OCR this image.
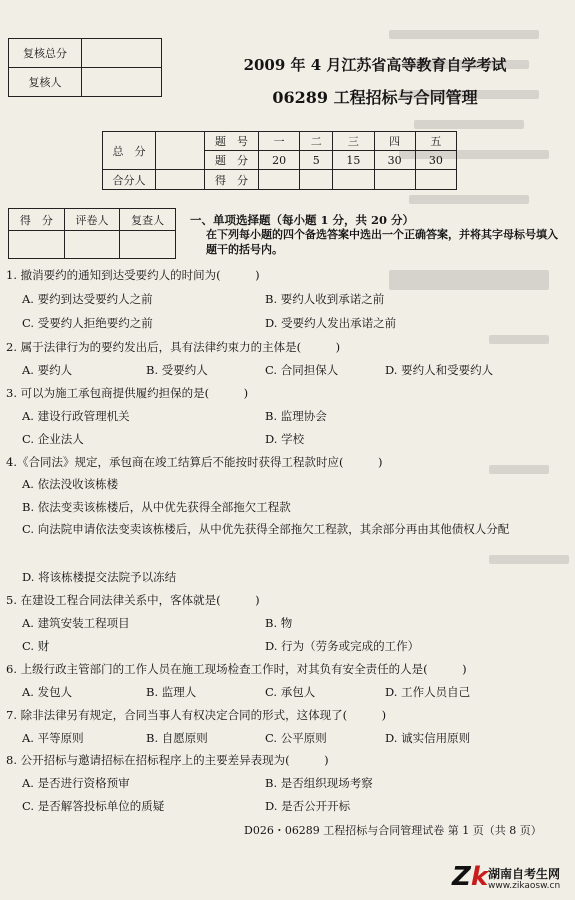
复核总分	
复核人	
2009 年 4 月江苏省高等教育自学考试
06289 工程招标与合同管理
总　分		题　号	一	二	三	四	五
		题　分	20	5	15	30	30
合分人		得　分					
得　分	评卷人	复查人
		一、单项选择题（每小题 1 分，共 20 分）
在下列每小题的四个备选答案中选出一个正确答案，并将其字母标号填入题干的括号内。
1. 撤消要约的通知到达受要约人的时间为(　　　)
A. 要约到达受要约人之前	B. 要约人收到承诺之前
C. 受要约人拒绝要约之前	D. 受要约人发出承诺之前
2. 属于法律行为的要约发出后，具有法律约束力的主体是(　　　)
A. 要约人	B. 受要约人	C. 合同担保人	D. 要约人和受要约人
3. 可以为施工承包商提供履约担保的是(　　　)
A. 建设行政管理机关	B. 监理协会
C. 企业法人	D. 学校
4.《合同法》规定，承包商在竣工结算后不能按时获得工程款时应(　　　)
A. 依法没收该栋楼
B. 依法变卖该栋楼后，从中优先获得全部拖欠工程款
C. 向法院申请依法变卖该栋楼后，从中优先获得全部拖欠工程款，其余部分再由其他债权人分配
D. 将该栋楼提交法院予以冻结
5. 在建设工程合同法律关系中，客体就是(　　　)
A. 建筑安装工程项目	B. 物
C. 财	D. 行为（劳务或完成的工作）
6. 上级行政主管部门的工作人员在施工现场检查工作时，对其负有安全责任的人是(　　　)
A. 发包人	B. 监理人	C. 承包人	D. 工作人员自己
7. 除非法律另有规定，合同当事人有权决定合同的形式，这体现了(　　　)
A. 平等原则	B. 自愿原则	C. 公平原则	D. 诚实信用原则
8. 公开招标与邀请招标在招标程序上的主要差异表现为(　　　)
A. 是否进行资格预审	B. 是否组织现场考察
C. 是否解答投标单位的质疑	D. 是否公开开标
D026・06289 工程招标与合同管理试卷 第 1 页（共 8 页）
Zk 湖南自考生网
www.zikaosw.cn
